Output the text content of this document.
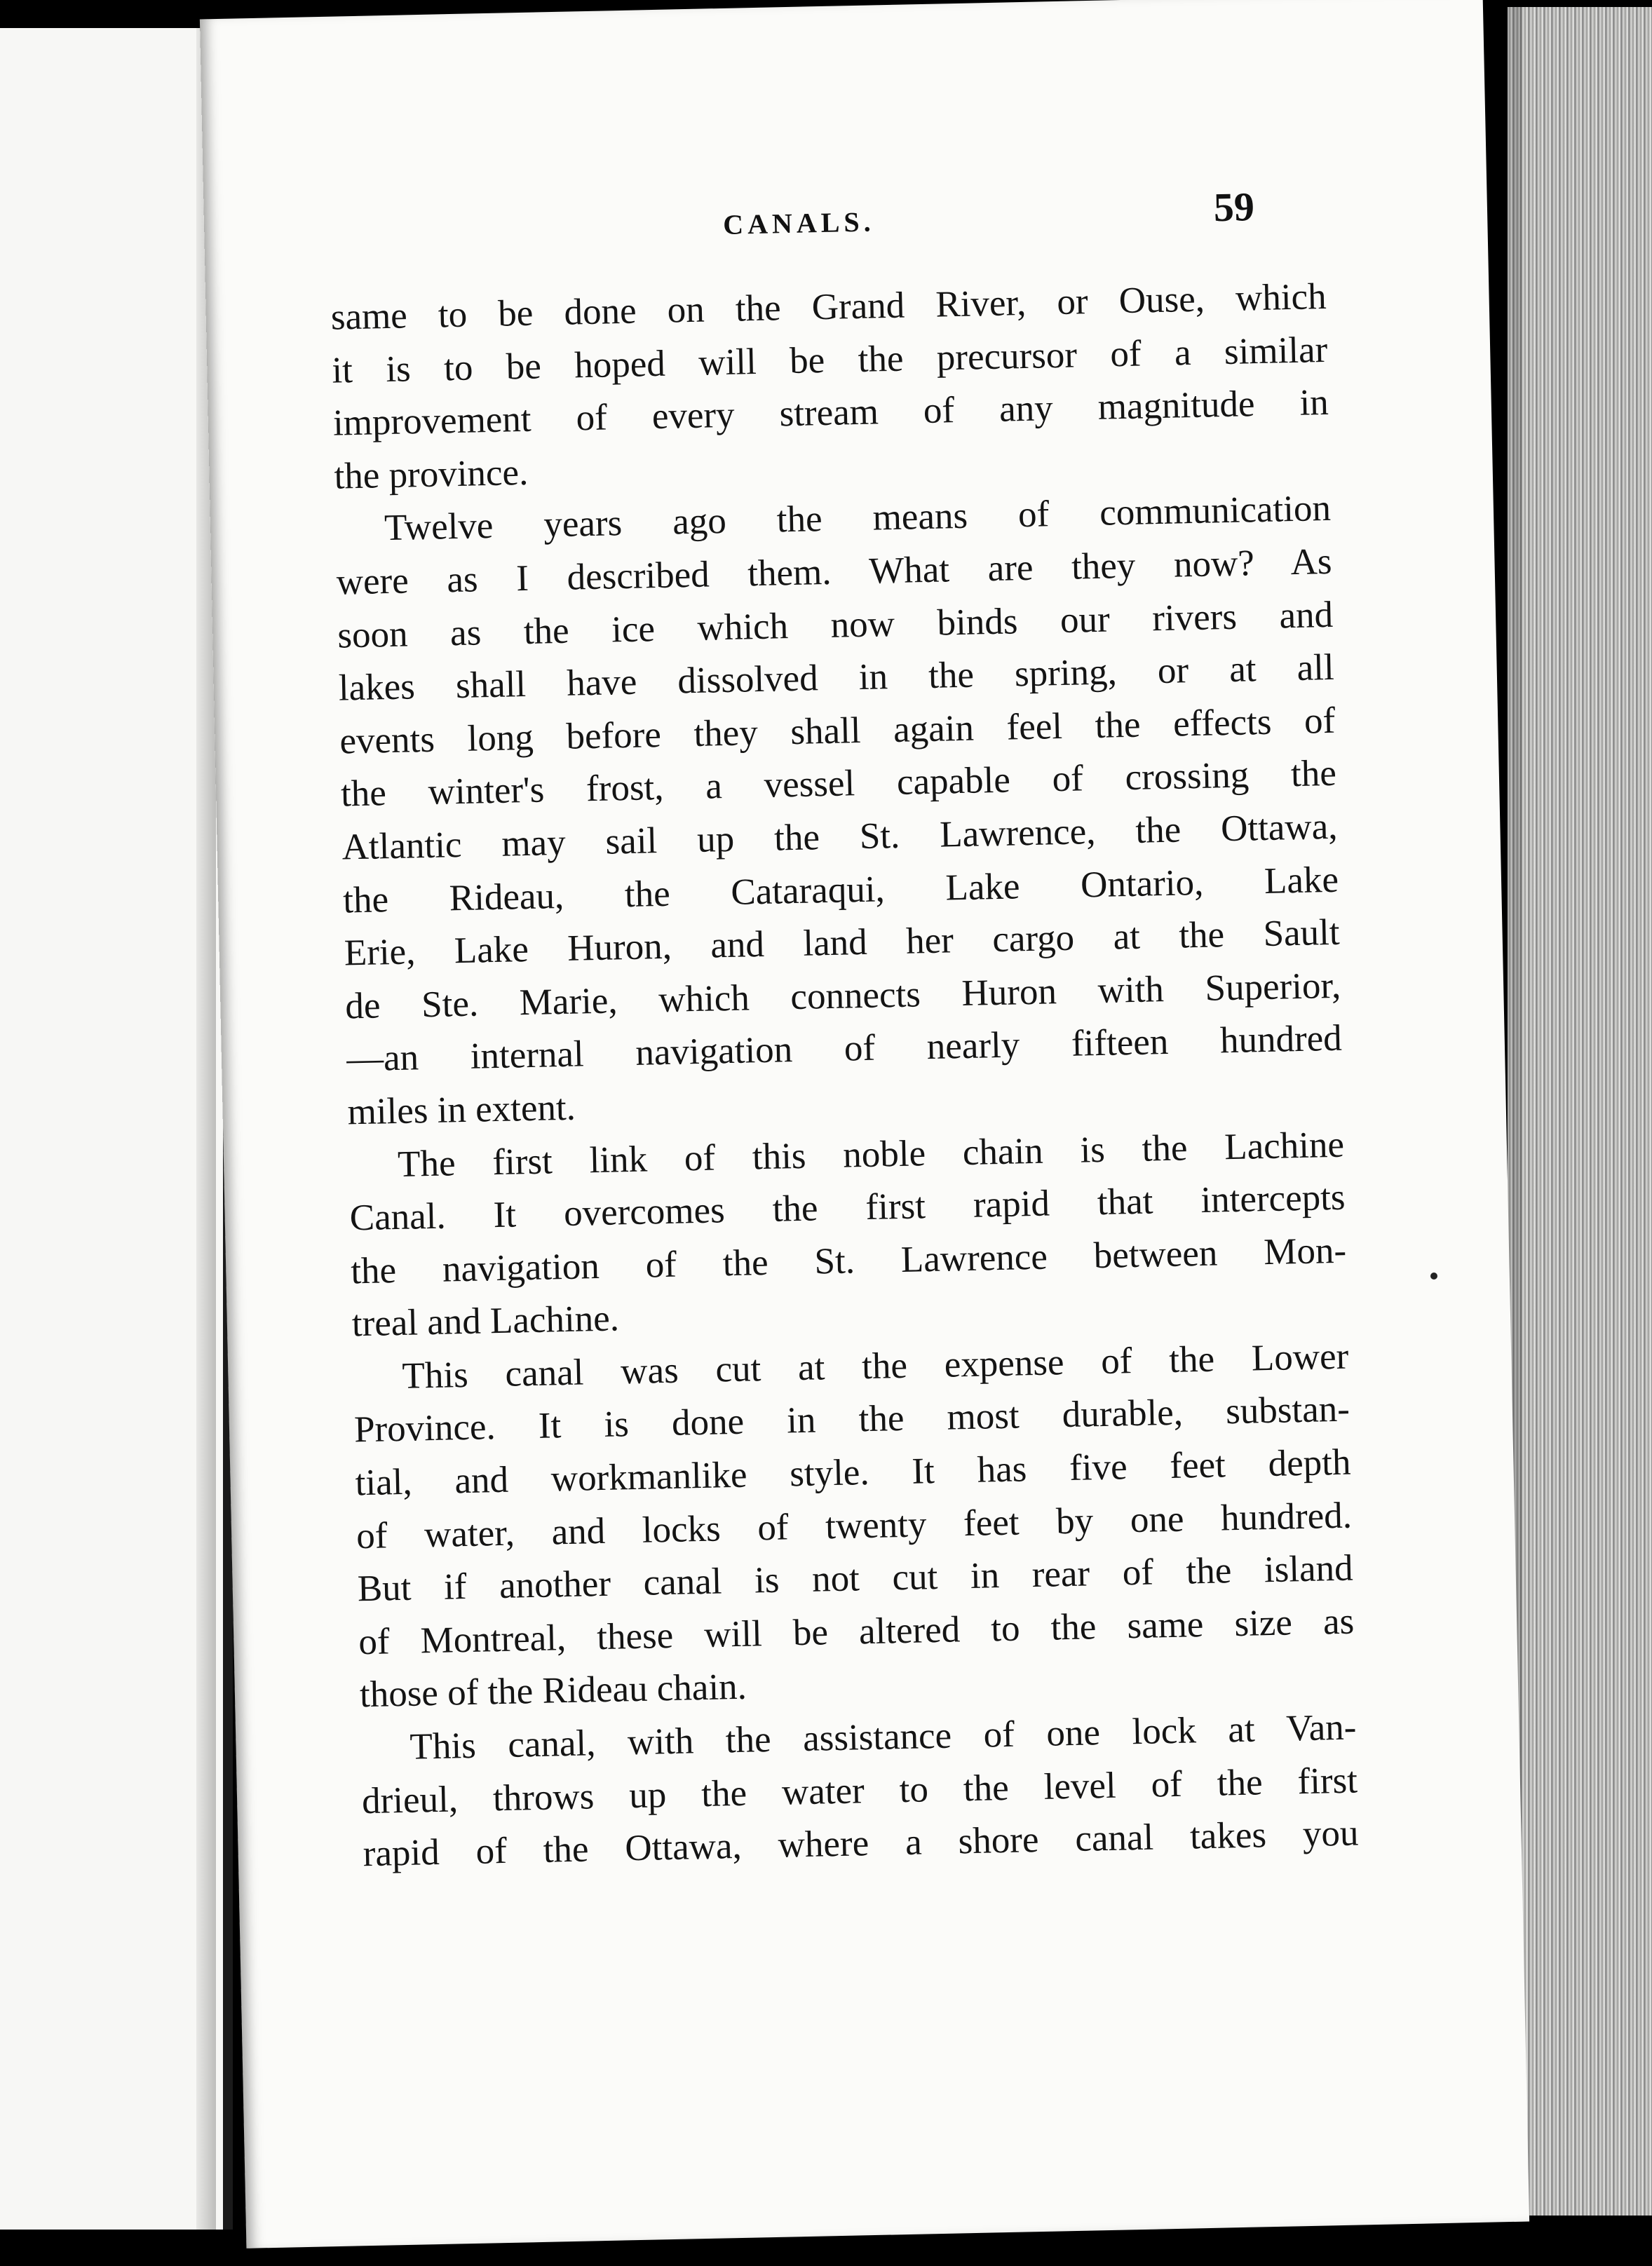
CANALS.	59
same to be done on the Grand River, or Ouse, which
it is to be hoped will be the precursor of a similar
improvement of every stream of any magnitude in
the province.
Twelve years ago the means of communication
were as I described them. What are they now? As
soon as the ice which now binds our rivers and
lakes shall have dissolved in the spring, or at all
events long before they shall again feel the effects of
the winter's frost, a vessel capable of crossing the
Atlantic may sail up the St. Lawrence, the Ottawa,
the Rideau, the Cataraqui, Lake Ontario, Lake
Erie, Lake Huron, and land her cargo at the Sault
de Ste. Marie, which connects Huron with Superior,
—an internal navigation of nearly fifteen hundred
miles in extent.
The first link of this noble chain is the Lachine
Canal. It overcomes the first rapid that intercepts
the navigation of the St. Lawrence between Mon-
treal and Lachine.
This canal was cut at the expense of the Lower
Province. It is done in the most durable, substan-
tial, and workmanlike style. It has five feet depth
of water, and locks of twenty feet by one hundred.
But if another canal is not cut in rear of the island
of Montreal, these will be altered to the same size as
those of the Rideau chain.
This canal, with the assistance of one lock at Van-
drieul, throws up the water to the level of the first
rapid of the Ottawa, where a shore canal takes you
